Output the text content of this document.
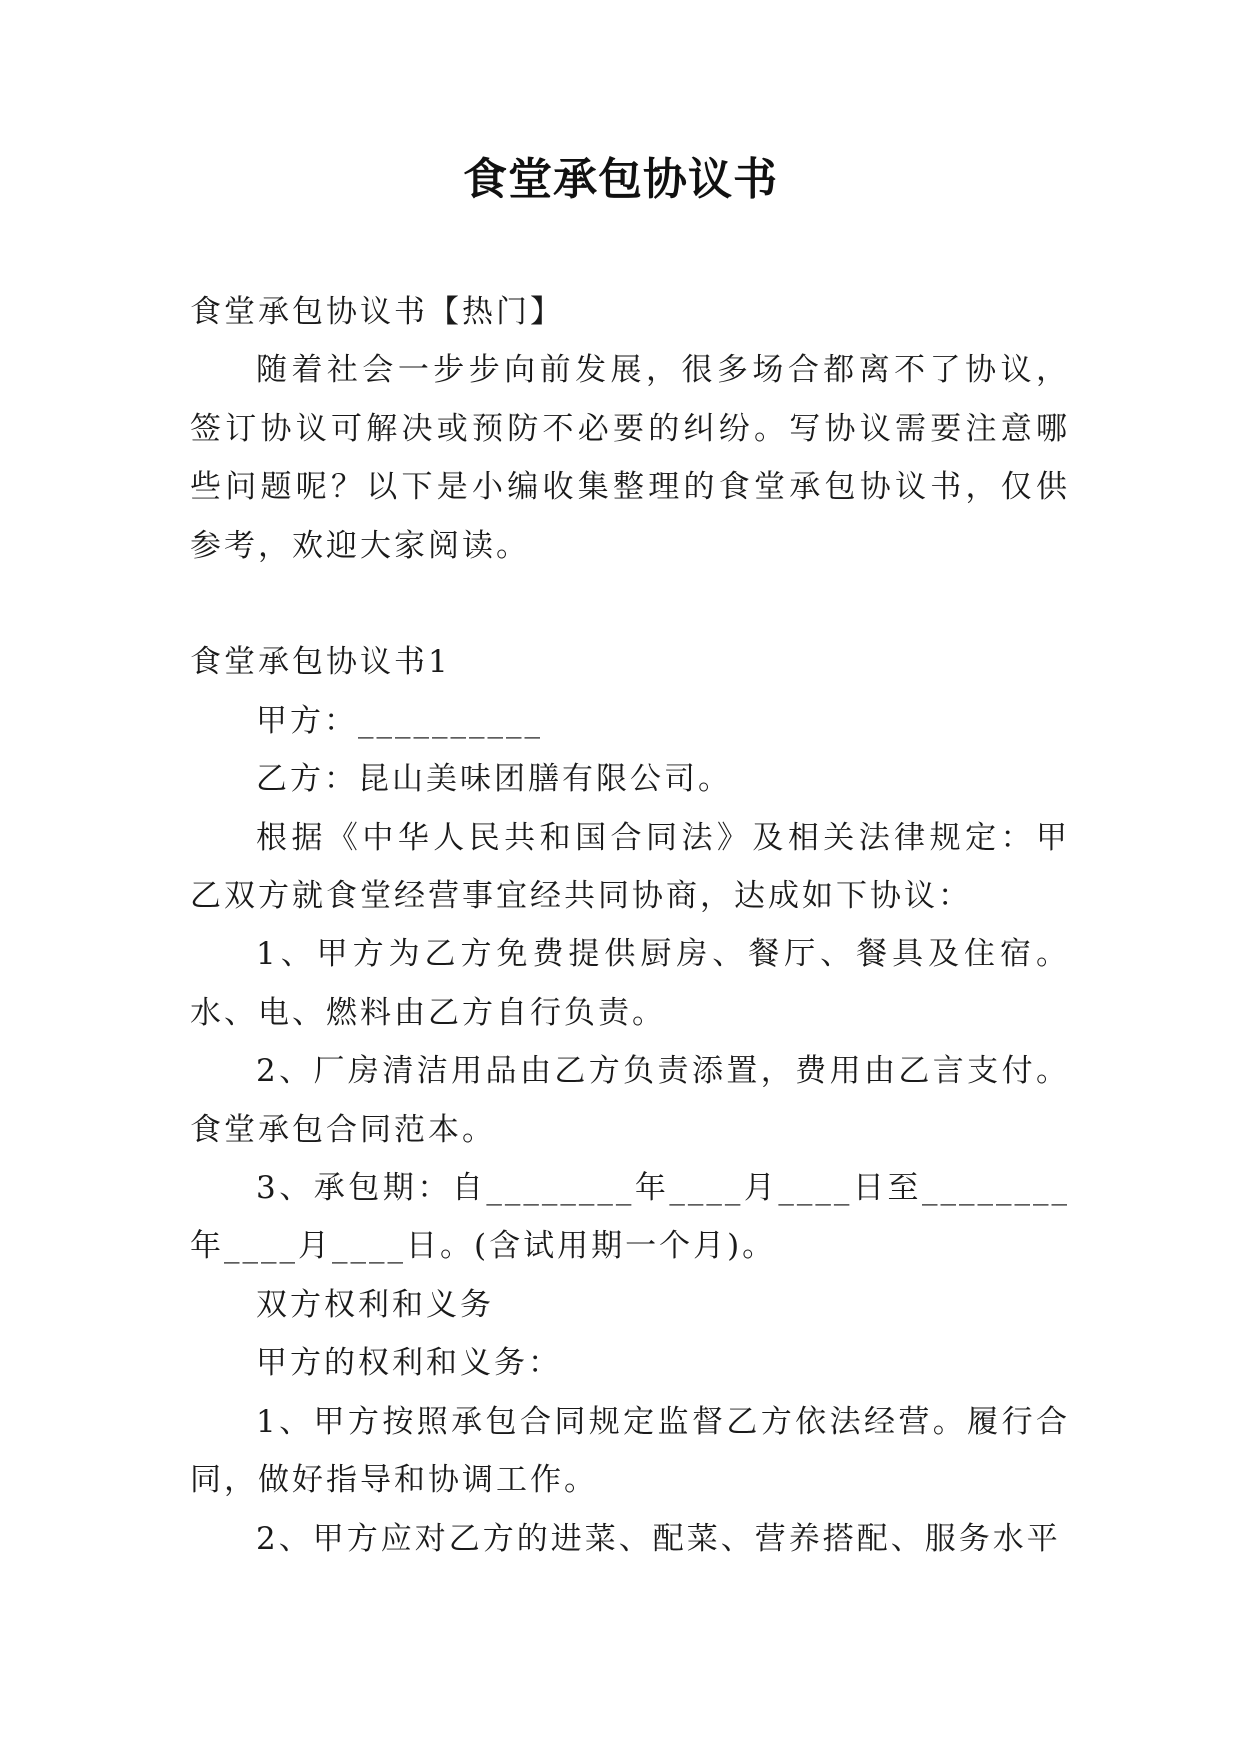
食堂承包协议书

食堂承包协议书【热门】

随着社会一步步向前发展，很多场合都离不了协议，签订协议可解决或预防不必要的纠纷。写协议需要注意哪些问题呢？以下是小编收集整理的食堂承包协议书，仅供参考，欢迎大家阅读。

食堂承包协议书1

甲方：__________

乙方：昆山美味团膳有限公司。

根据《中华人民共和国合同法》及相关法律规定：甲乙双方就食堂经营事宜经共同协商，达成如下协议：

1、甲方为乙方免费提供厨房、餐厅、餐具及住宿。水、电、燃料由乙方自行负责。

2、厂房清洁用品由乙方负责添置，费用由乙言支付。食堂承包合同范本。

3、承包期：自________年____月____日至________年____月____日。(含试用期一个月)。

双方权利和义务

甲方的权利和义务：

1、甲方按照承包合同规定监督乙方依法经营。履行合同，做好指导和协调工作。

2、甲方应对乙方的进菜、配菜、营养搭配、服务水平
